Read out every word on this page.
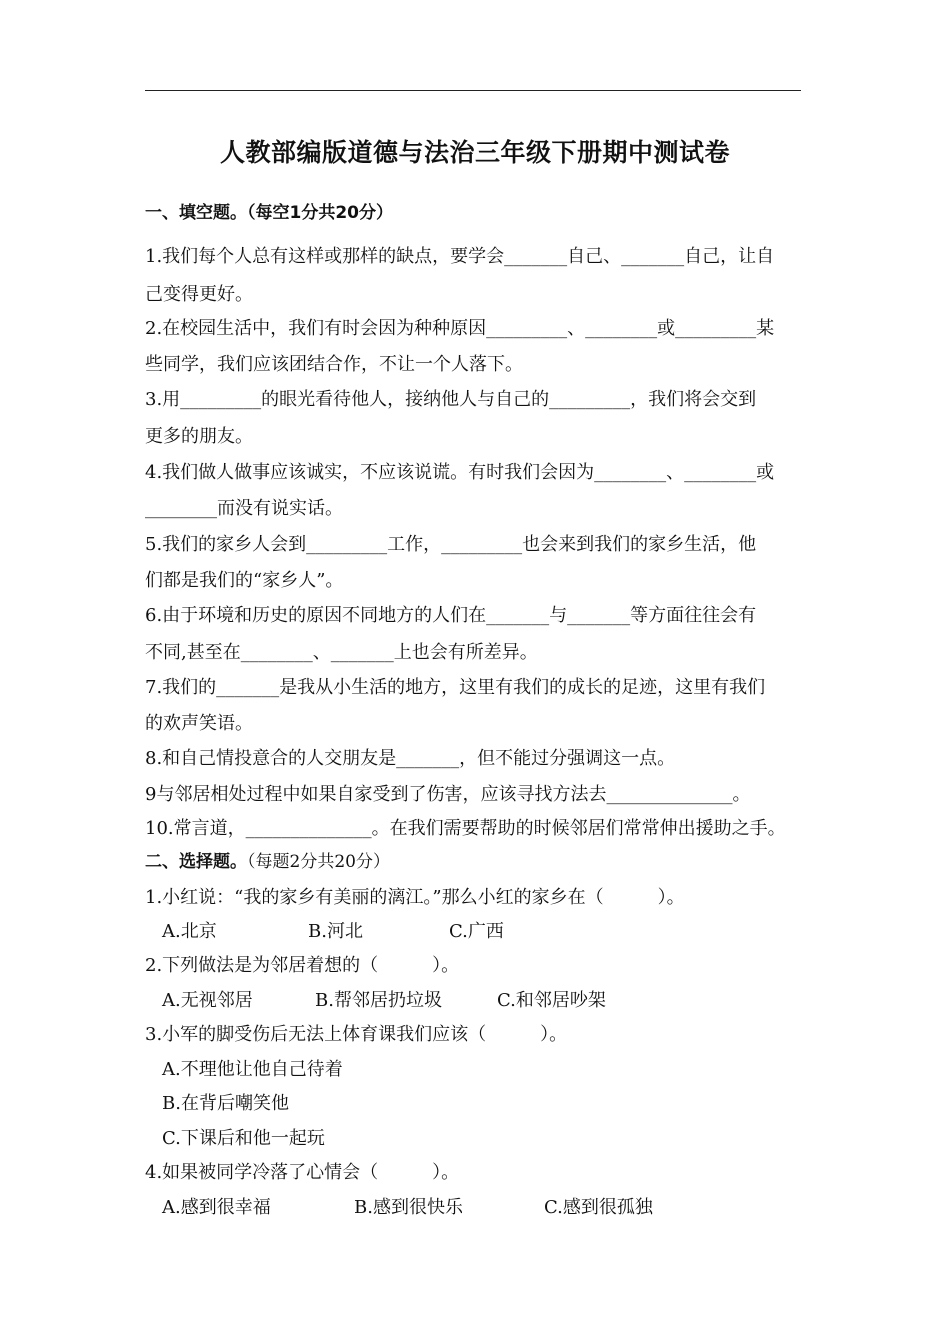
人教部编版道德与法治三年级下册期中测试卷
一、填空题。（每空1分共20分）
1.我们每个人总有这样或那样的缺点，要学会_______自己、_______自己，让自
己变得更好。
2.在校园生活中，我们有时会因为种种原因_________、________或_________某
些同学，我们应该团结合作，不让一个人落下。
3.用_________的眼光看待他人，接纳他人与自己的_________，我们将会交到
更多的朋友。
4.我们做人做事应该诚实，不应该说谎。有时我们会因为________、________或
________而没有说实话。
5.我们的家乡人会到_________工作，_________也会来到我们的家乡生活，他
们都是我们的“家乡人”。
6.由于环境和历史的原因不同地方的人们在_______与_______等方面往往会有
不同,甚至在________、_______上也会有所差异。
7.我们的_______是我从小生活的地方，这里有我们的成长的足迹，这里有我们
的欢声笑语。
8.和自己情投意合的人交朋友是_______，但不能过分强调这一点。
9与邻居相处过程中如果自家受到了伤害，应该寻找方法去______________。
10.常言道，______________。在我们需要帮助的时候邻居们常常伸出援助之手。
二、选择题。（每题2分共20分）
1.小红说：“我的家乡有美丽的漓江。”那么小红的家乡在（　　　）。
A.北京	B.河北	C.广西
2.下列做法是为邻居着想的（　　　）。
A.无视邻居	B.帮邻居扔垃圾	C.和邻居吵架
3.小军的脚受伤后无法上体育课我们应该（　　　）。
A.不理他让他自己待着
B.在背后嘲笑他
C.下课后和他一起玩
4.如果被同学冷落了心情会（　　　）。
A.感到很幸福	B.感到很快乐	C.感到很孤独
